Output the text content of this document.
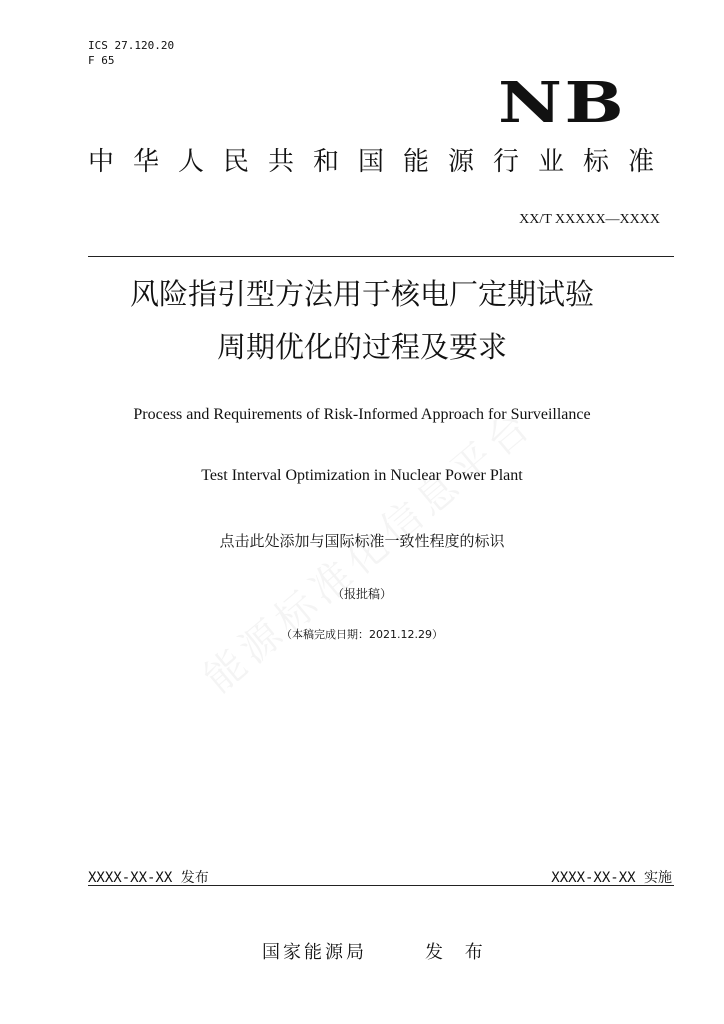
ICS 27.120.20
F 65
NB
中华人民共和国能源行业标准
XX/T XXXXX—XXXX
风险指引型方法用于核电厂定期试验
周期优化的过程及要求
Process and Requirements of Risk-Informed Approach for Surveillance
Test Interval Optimization in Nuclear Power Plant
点击此处添加与国际标准一致性程度的标识
（报批稿）
（本稿完成日期：2021.12.29）
XXXX-XX-XX 发布	XXXX-XX-XX 实施
国家能源局	发 布
